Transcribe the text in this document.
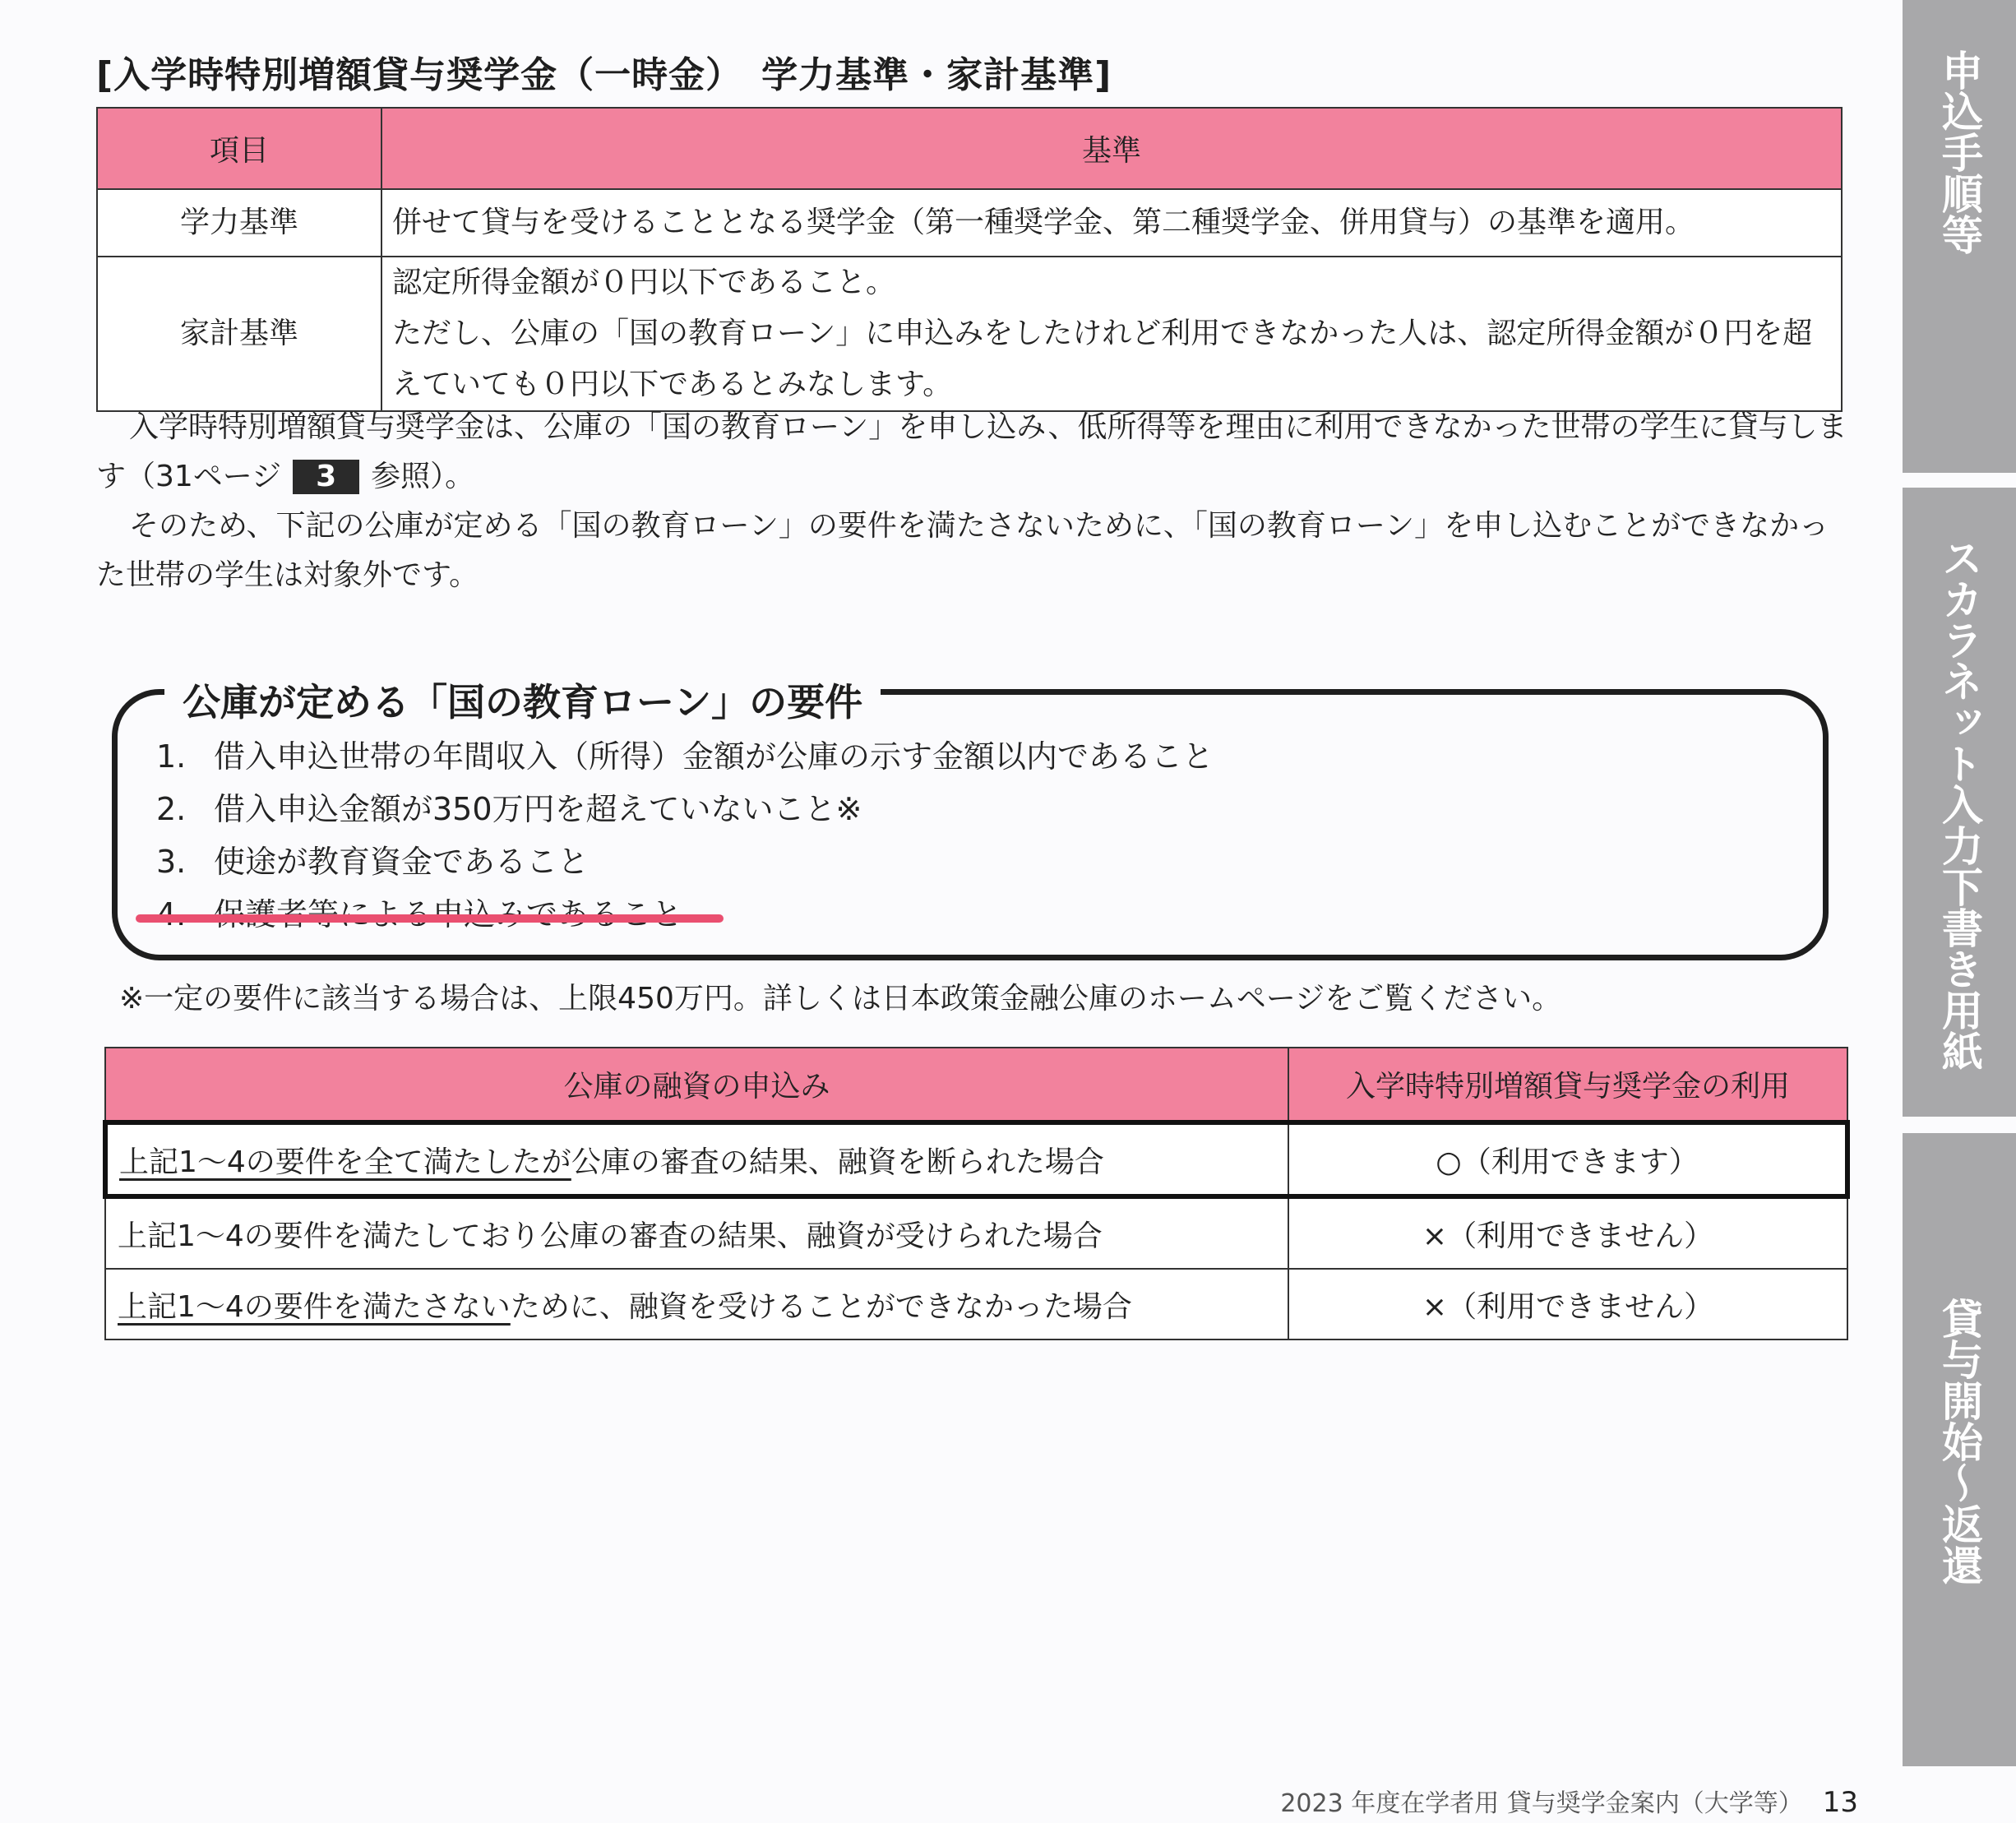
申込手順等
スカラネット入力下書き用紙
貸与開始～返還
[入学時特別増額貸与奨学金（一時金）　学力基準・家計基準]
項目	基準
学力基準	併せて貸与を受けることとなる奨学金（第一種奨学金、第二種奨学金、併用貸与）の基準を適用。
家計基準	認定所得金額が０円以下であること。
ただし、公庫の「国の教育ローン」に申込みをしたけれど利用できなかった人は、認定所得金額が０円を超えていても０円以下であるとみなします。

入学時特別増額貸与奨学金は、公庫の「国の教育ローン」を申し込み、低所得等を理由に利用できなかった世帯の学生に貸与します（31ページ 3 参照）。

そのため、下記の公庫が定める「国の教育ローン」の要件を満たさないために、「国の教育ローン」を申し込むことができなかった世帯の学生は対象外です。

公庫が定める「国の教育ローン」の要件
1. 借入申込世帯の年間収入（所得）金額が公庫の示す金額以内であること
2. 借入申込金額が350万円を超えていないこと※
3. 使途が教育資金であること

※一定の要件に該当する場合は、上限450万円。詳しくは日本政策金融公庫のホームページをご覧ください。

公庫の融資の申込み	入学時特別増額貸与奨学金の利用
上記1～4の要件を全て満たしたが公庫の審査の結果、融資を断られた場合	○（利用できます）
上記1～4の要件を満たしており公庫の審査の結果、融資が受けられた場合	×（利用できません）
上記1～4の要件を満たさないために、融資を受けることができなかった場合	×（利用できません）
2023 年度在学者用 貸与奨学金案内（大学等） 13
